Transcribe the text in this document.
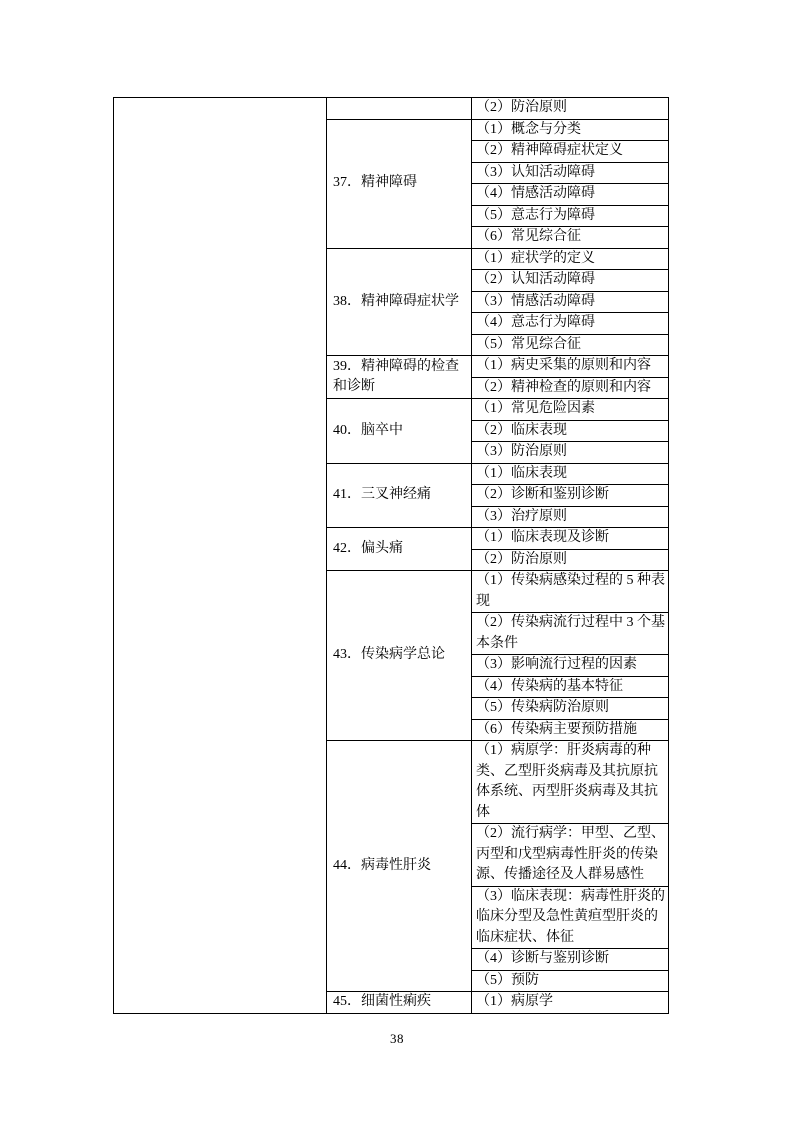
		（2）防治原则
	37．精神障碍	（1）概念与分类
		（2）精神障碍症状定义
		（3）认知活动障碍
		（4）情感活动障碍
		（5）意志行为障碍
		（6）常见综合征
	38．精神障碍症状学	（1）症状学的定义
		（2）认知活动障碍
		（3）情感活动障碍
		（4）意志行为障碍
		（5）常见综合征
	39．精神障碍的检查和诊断	（1）病史采集的原则和内容
		（2）精神检查的原则和内容
	40．脑卒中	（1）常见危险因素
		（2）临床表现
		（3）防治原则
	41．三叉神经痛	（1）临床表现
		（2）诊断和鉴别诊断
		（3）治疗原则
	42．偏头痛	（1）临床表现及诊断
		（2）防治原则
	43．传染病学总论	（1）传染病感染过程的 5 种表现
		（2）传染病流行过程中 3 个基本条件
		（3）影响流行过程的因素
		（4）传染病的基本特征
		（5）传染病防治原则
		（6）传染病主要预防措施
	44．病毒性肝炎	（1）病原学：肝炎病毒的种类、乙型肝炎病毒及其抗原抗体系统、丙型肝炎病毒及其抗体
		（2）流行病学：甲型、乙型、丙型和戊型病毒性肝炎的传染源、传播途径及人群易感性
		（3）临床表现：病毒性肝炎的临床分型及急性黄疸型肝炎的临床症状、体征
		（4）诊断与鉴别诊断
		（5）预防
	45．细菌性痢疾	（1）病原学
38
